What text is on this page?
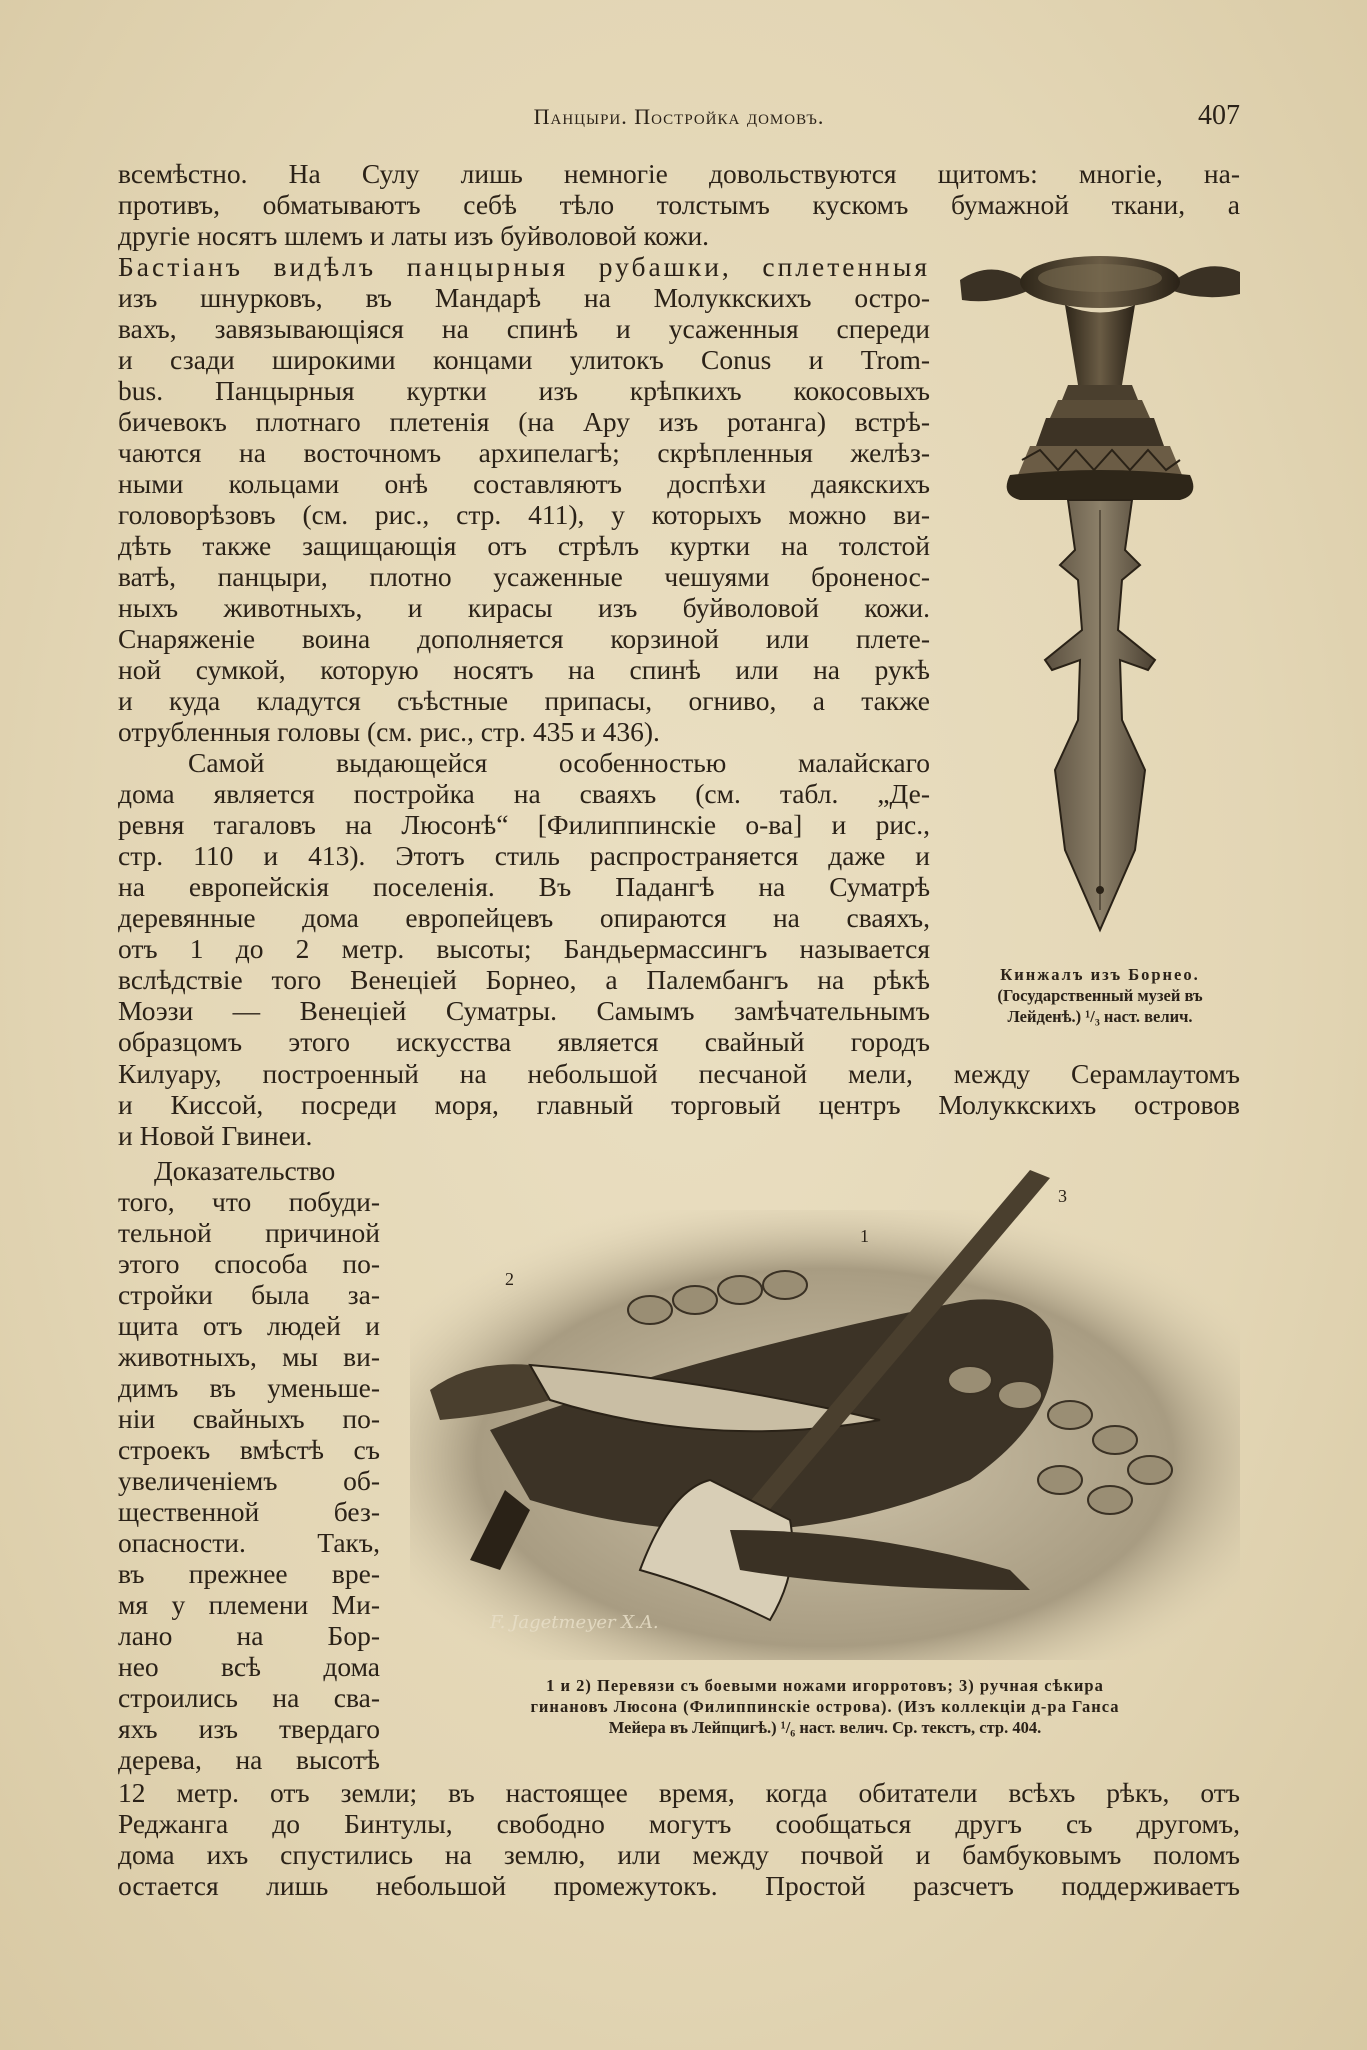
Панцыри. Постройка домовъ.	407
всемѣстно. На Сулу лишь немногіе довольствуются щитомъ: многіе, на-
противъ, обматываютъ себѣ тѣло толстымъ кускомъ бумажной ткани, а
другіе носятъ шлемъ и латы изъ буйволовой кожи.
Бастіанъ видѣлъ панцырныя рубашки, сплетенныя
изъ шнурковъ, въ Мандарѣ на Молуккскихъ остро-
вахъ, завязывающіяся на спинѣ и усаженныя спереди
и сзади широкими концами улитокъ Conus и Trom-
bus. Панцырныя куртки изъ крѣпкихъ кокосовыхъ
бичевокъ плотнаго плетенія (на Ару изъ ротанга) встрѣ-
чаются на восточномъ архипелагѣ; скрѣпленныя желѣз-
ными кольцами онѣ составляютъ доспѣхи даякскихъ
головорѣзовъ (см. рис., стр. 411), у которыхъ можно ви-
дѣть также защищающія отъ стрѣлъ куртки на толстой
ватѣ, панцыри, плотно усаженные чешуями броненос-
ныхъ животныхъ, и кирасы изъ буйволовой кожи.
Снаряженіе воина дополняется корзиной или плете-
ной сумкой, которую носятъ на спинѣ или на рукѣ
и куда кладутся съѣстные припасы, огниво, а также
отрубленныя головы (см. рис., стр. 435 и 436).
Самой выдающейся особенностью малайскаго
дома является постройка на сваяхъ (см. табл. „Де-
ревня тагаловъ на Люсонѣ“ [Филиппинскіе о-ва] и рис.,
стр. 110 и 413). Этотъ стиль распространяется даже и
на европейскія поселенія. Въ Падангѣ на Суматрѣ
деревянные дома европейцевъ опираются на сваяхъ,
отъ 1 до 2 метр. высоты; Бандьермассингъ называется
вслѣдствіе того Венеціей Борнео, а Палембангъ на рѣкѣ
Моэзи — Венеціей Суматры. Самымъ замѣчательнымъ
образцомъ этого искусства является свайный городъ
Килуару, построенный на небольшой песчаной мели, между Серамлаутомъ
и Киссой, посреди моря, главный торговый центръ Молуккскихъ островов
и Новой Гвинеи.
Доказательство
того, что побуди-
тельной причиной
этого способа по-
стройки была за-
щита отъ людей и
животныхъ, мы ви-
димъ въ уменьше-
ніи свайныхъ по-
строекъ вмѣстѣ съ
увеличеніемъ об-
щественной без-
опасности. Такъ,
въ прежнее вре-
мя у племени Ми-
лано на Бор-
нео всѣ дома
строились на сва-
яхъ изъ твердаго
дерева, на высотѣ
12 метр. отъ земли; въ настоящее время, когда обитатели всѣхъ рѣкъ, отъ
Реджанга до Бинтулы, свободно могутъ сообщаться другъ съ другомъ,
дома ихъ спустились на землю, или между почвой и бамбуковымъ поломъ
остается лишь небольшой промежутокъ. Простой разсчетъ поддерживаетъ
Кинжалъ изъ Борнео.
(Государственный музей въ
Лейденѣ.) ¹/₃ наст. велич.
1
2
3
F. Jagetmeyer X.A.
1 и 2) Перевязи съ боевыми ножами игорротовъ; 3) ручная сѣкира
гинановъ Люсона (Филиппинскіе острова). (Изъ коллекціи д-ра Ганса
Мейера въ Лейпцигѣ.) ¹/₆ наст. велич. Ср. текстъ, стр. 404.
